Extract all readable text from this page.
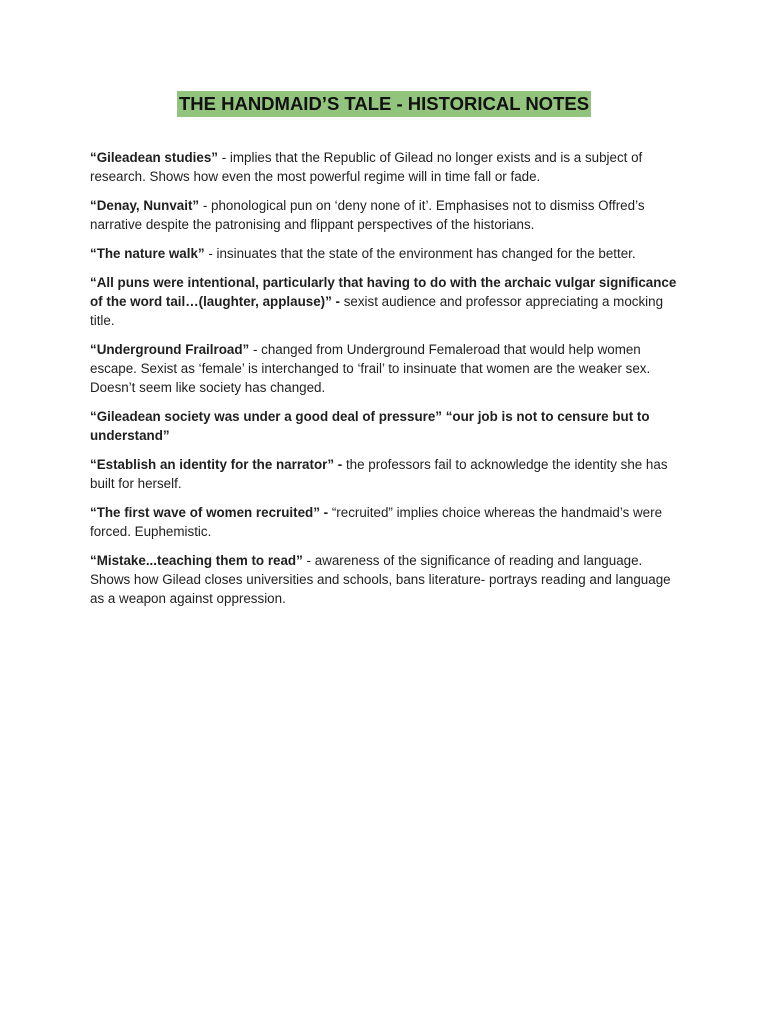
THE HANDMAID’S TALE - HISTORICAL NOTES

“Gileadean studies” - implies that the Republic of Gilead no longer exists and is a subject of research. Shows how even the most powerful regime will in time fall or fade.

“Denay, Nunvait” - phonological pun on ‘deny none of it’. Emphasises not to dismiss Offred’s narrative despite the patronising and flippant perspectives of the historians.

“The nature walk” - insinuates that the state of the environment has changed for the better.

“All puns were intentional, particularly that having to do with the archaic vulgar significance of the word tail…(laughter, applause)” - sexist audience and professor appreciating a mocking title.

“Underground Frailroad” - changed from Underground Femaleroad that would help women escape. Sexist as ‘female’ is interchanged to ‘frail’ to insinuate that women are the weaker sex. Doesn’t seem like society has changed.

“Gileadean society was under a good deal of pressure” “our job is not to censure but to understand”

“Establish an identity for the narrator” - the professors fail to acknowledge the identity she has built for herself.

“The first wave of women recruited” - “recruited” implies choice whereas the handmaid’s were forced. Euphemistic.

“Mistake...teaching them to read” - awareness of the significance of reading and language. Shows how Gilead closes universities and schools, bans literature- portrays reading and language as a weapon against oppression.
